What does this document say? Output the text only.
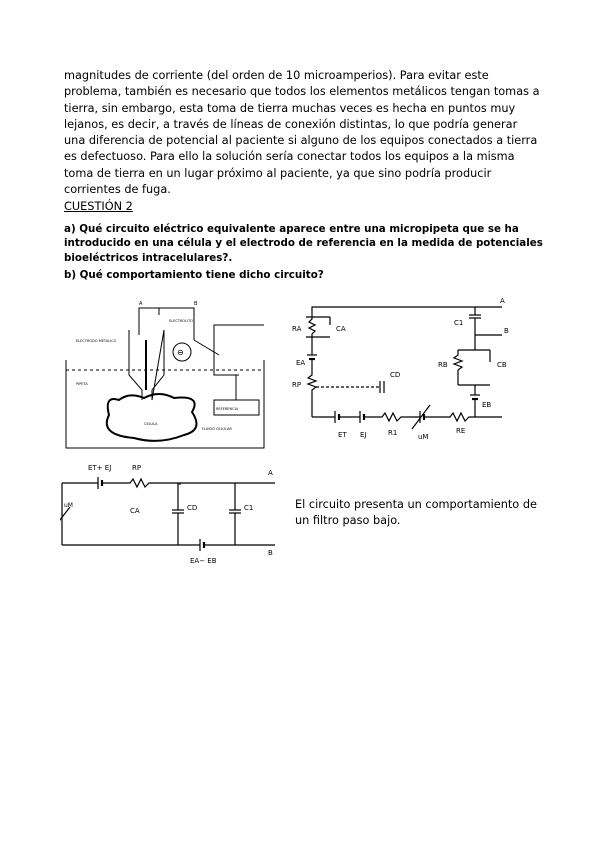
magnitudes de corriente (del orden de 10 microamperios). Para evitar este problema, también es necesario que todos los elementos metálicos tengan tomas a tierra, sin embargo, esta toma de tierra muchas veces es hecha en puntos muy lejanos, es decir, a través de líneas de conexión distintas, lo que podría generar una diferencia de potencial al paciente si alguno de los equipos conectados a tierra es defectuoso. Para ello la solución sería conectar todos los equipos a la misma toma de tierra en un lugar próximo al paciente, ya que sino podría producir corrientes de fuga.

CUESTIÓN 2
a) Qué circuito eléctrico equivalente aparece entre una micropipeta que se ha introducido en una célula y el electrodo de referencia en la medida de potenciales bioeléctricos intracelulares?.
b) Qué comportamiento tiene dicho circuito?
A	B
ELECTROLITO
ELECTRODO METALICO
PIPETA
CELULA
FLUIDO CELULAR
REFERENCIA
⊖
A
B
RA	CA
C1
EA
RP
CD
RB	CB
EB
ET EJ	R1	uM
RE
ET+ EJ	RP
A
B
uM
CA	CD	C1
EA− EB

El circuito presenta un comportamiento de un filtro paso bajo.
